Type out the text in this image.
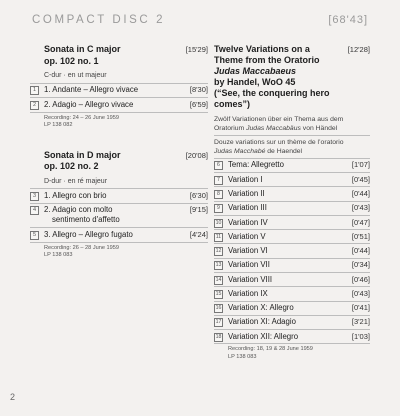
COMPACT DISC 2	[68'43]
Sonata in C major
op. 102 no. 1
[15'29]
C-dur · en ut majeur
1	1. Andante – Allegro vivace	[8'30]
2	2. Adagio – Allegro vivace	[6'59]
Recording: 24 – 26 June 1959
LP 138 082
Sonata in D major
op. 102 no. 2
[20'08]
D-dur · en ré majeur
3	1. Allegro con brio	[6'30]
4	2. Adagio con molto
sentimento d'affetto
[9'15]
5	3. Allegro – Allegro fugato	[4'24]
Recording: 26 – 28 June 1959
LP 138 083
Twelve Variations on a
Theme from the Oratorio
Judas Maccabaeus
by Handel, WoO 45
(“See, the conquering hero comes”)
[12'28]
Zwölf Variationen über ein Thema aus dem
Oratorium Judas Maccabäus von Händel
Douze variations sur un thème de l’oratorio
Judas Macchabé de Haendel
6	Tema: Allegretto	[1'07]
7	Variation I	[0'45]
8	Variation II	[0'44]
9	Variation III	[0'43]
10 Variation IV	[0'47]
11 Variation V	[0'51]
12 Variation VI	[0'44]
13 Variation VII	[0'34]
14 Variation VIII	[0'46]
15 Variation IX	[0'43]
16 Variation X: Allegro	[0'41]
17 Variation XI: Adagio	[3'21]
18 Variation XII: Allegro	[1'03]
Recording: 18, 19 & 28 June 1959
LP 138 083
2
